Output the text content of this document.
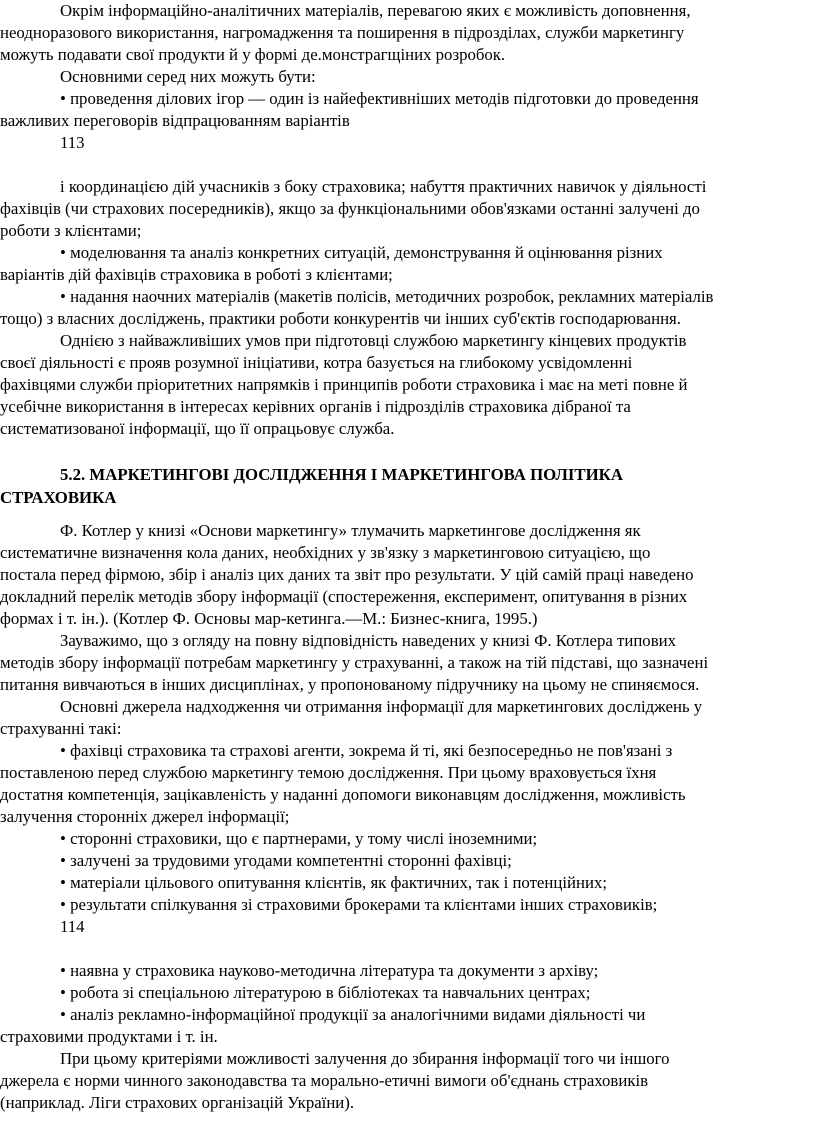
Окрім інформаційно-аналітичних матеріалів, перевагою яких є можливість доповнення,
неодноразового використання, нагромадження та поширення в підрозділах, служби маркетингу
можуть подавати свої продукти й у формі де.монстрагщіних розробок.
Основними серед них можуть бути:
• проведення ділових ігор — один із найефективніших методів підготовки до проведення
важливих переговорів відпрацюванням варіантів
113
і координацією дій учасників з боку страховика; набуття практичних навичок у діяльності
фахівців (чи страхових посередників), якщо за функціональними обов'язками останні залучені до
роботи з клієнтами;
• моделювання та аналіз конкретних ситуацій, демонстрування й оцінювання різних
варіантів дій фахівців страховика в роботі з клієнтами;
• надання наочних матеріалів (макетів полісів, методичних розробок, рекламних матеріалів
тощо) з власних досліджень, практики роботи конкурентів чи інших суб'єктів господарювання.
Однією з найважливіших умов при підготовці службою маркетингу кінцевих продуктів
своєї діяльності є прояв розумної ініціативи, котра базується на глибокому усвідомленні
фахівцями служби пріоритетних напрямків і принципів роботи страховика і має на меті повне й
усебічне використання в інтересах керівних органів і підрозділів страховика дібраної та
систематизованої інформації, що її опрацьовує служба.
5.2. МАРКЕТИНГОВІ ДОСЛІДЖЕННЯ І МАРКЕТИНГОВА ПОЛІТИКА
СТРАХОВИКА
Ф. Котлер у книзі «Основи маркетингу» тлумачить маркетингове дослідження як
систематичне визначення кола даних, необхідних у зв'язку з маркетинговою ситуацією, що
постала перед фірмою, збір і аналіз цих даних та звіт про результати. У цій самій праці наведено
докладний перелік методів збору інформації (спостереження, експеримент, опитування в різних
формах і т. ін.). (Котлер Ф. Основы мар-кетинга.—М.: Бизнес-книга, 1995.)
Зауважимо, що з огляду на повну відповідність наведених у книзі Ф. Котлера типових
методів збору інформації потребам маркетингу у страхуванні, а також на тій підставі, що зазначені
питання вивчаються в інших дисциплінах, у пропонованому підручнику на цьому не спиняємося.
Основні джерела надходження чи отримання інформації для маркетингових досліджень у
страхуванні такі:
• фахівці страховика та страхові агенти, зокрема й ті, які безпосередньо не пов'язані з
поставленою перед службою маркетингу темою дослідження. При цьому враховується їхня
достатня компетенція, зацікавленість у наданні допомоги виконавцям дослідження, можливість
залучення сторонніх джерел інформації;
• сторонні страховики, що є партнерами, у тому числі іноземними;
• залучені за трудовими угодами компетентні сторонні фахівці;
• матеріали цільового опитування клієнтів, як фактичних, так і потенційних;
• результати спілкування зі страховими брокерами та клієнтами інших страховиків;
114
• наявна у страховика науково-методична література та документи з архіву;
• робота зі спеціальною літературою в бібліотеках та навчальних центрах;
• аналіз рекламно-інформаційної продукції за аналогічними видами діяльності чи
страховими продуктами і т. ін.
При цьому критеріями можливості залучення до збирання інформації того чи іншого
джерела є норми чинного законодавства та морально-етичні вимоги об'єднань страховиків
(наприклад. Ліги страхових організацій України).
